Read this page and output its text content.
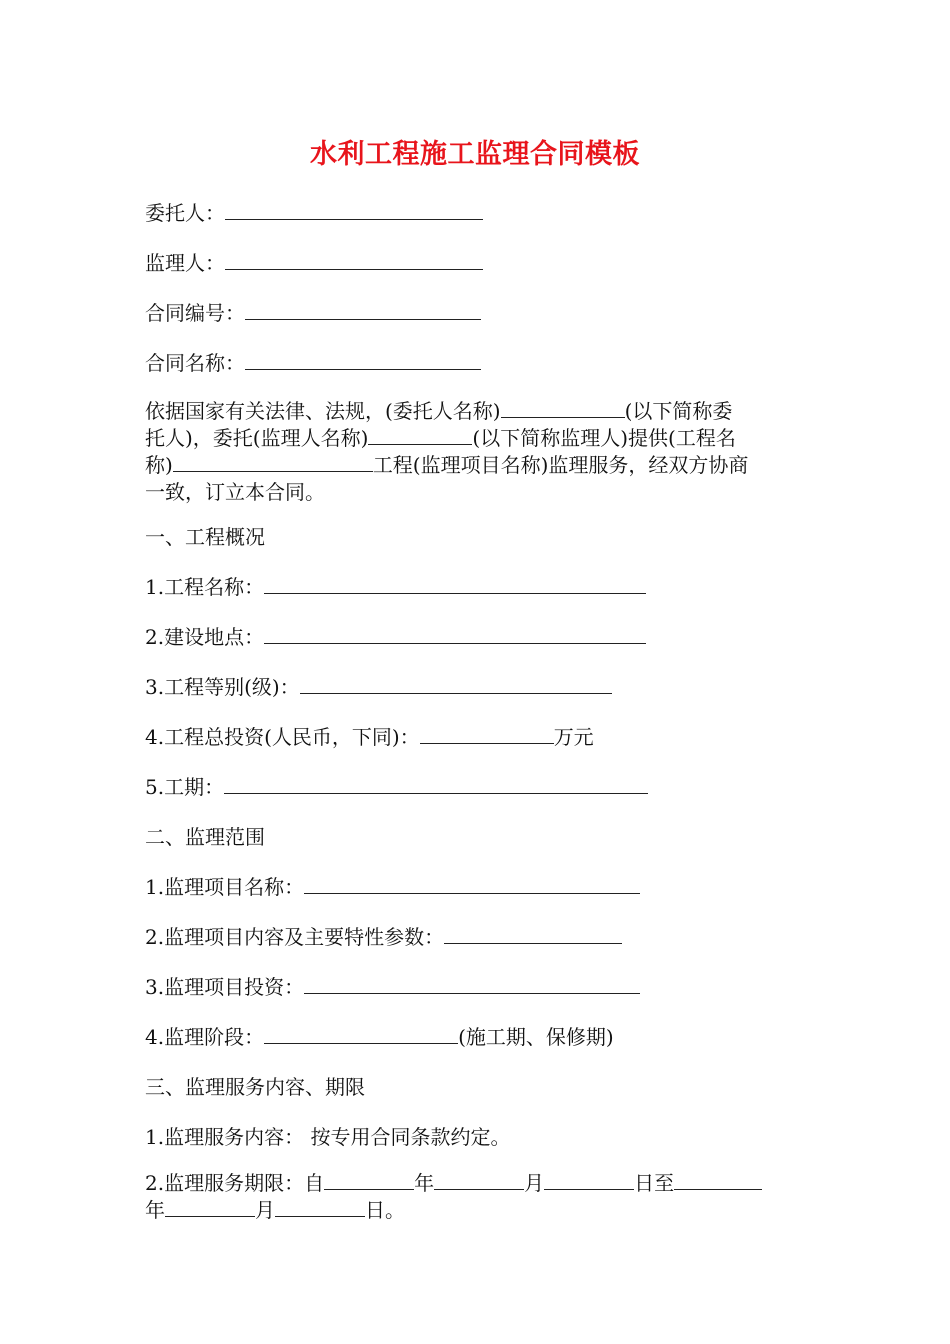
水利工程施工监理合同模板
委托人：
监理人：
合同编号：
合同名称：
依据国家有关法律、法规，(委托人名称)	(以下简称委
托人)，委托(监理人名称)	(以下简称监理人)提供(工程名
称)	工程(监理项目名称)监理服务，经双方协商
一致，订立本合同。
一、工程概况
1.工程名称：
2.建设地点：
3.工程等别(级)：
4.工程总投资(人民币，下同)：	万元
5.工期：
二、监理范围
1.监理项目名称：
2.监理项目内容及主要特性参数：
3.监理项目投资：
4.监理阶段：	(施工期、保修期)
三、监理服务内容、期限
1.监理服务内容： 按专用合同条款约定。
2.监理服务期限：自	年	月	日至
年	月	日。
